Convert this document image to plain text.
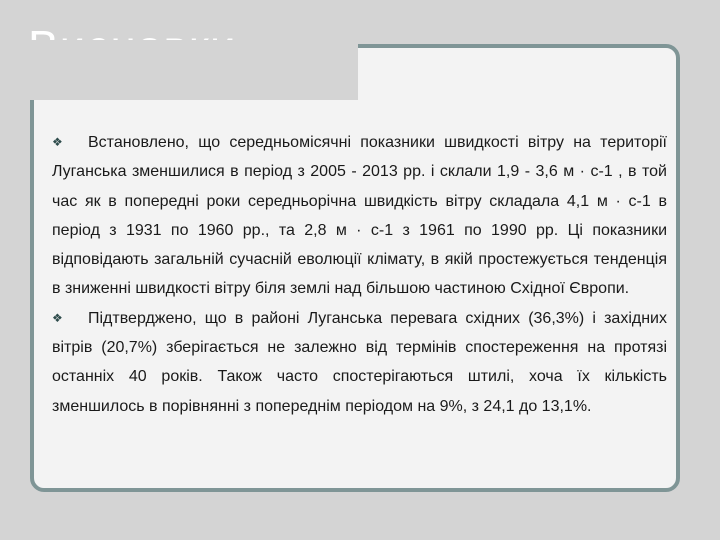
❖ Встановлено, що середньомісячні показники швидкості вітру на території Луганська зменшилися в період з 2005 - 2013 рр. і склали 1,9 - 3,6 м · с-1 , в той час як в попередні роки середньорічна швидкість вітру складала 4,1 м · с-1 в період з 1931 по 1960 рр., та 2,8 м · с-1 з 1961 по 1990 рр. Ці показники відповідають загальній сучасній еволюції клімату, в якій простежується тенденція в зниженні швидкості вітру біля землі над більшою частиною Східної Європи.

❖ Підтверджено, що в районі Луганська перевага східних (36,3%) і західних вітрів (20,7%) зберігається не залежно від термінів спостереження на протязі останніх 40 років. Також часто спостерігаються штилі, хоча їх кількість зменшилось в порівнянні з попереднім періодом на 9%, з 24,1 до 13,1%.
